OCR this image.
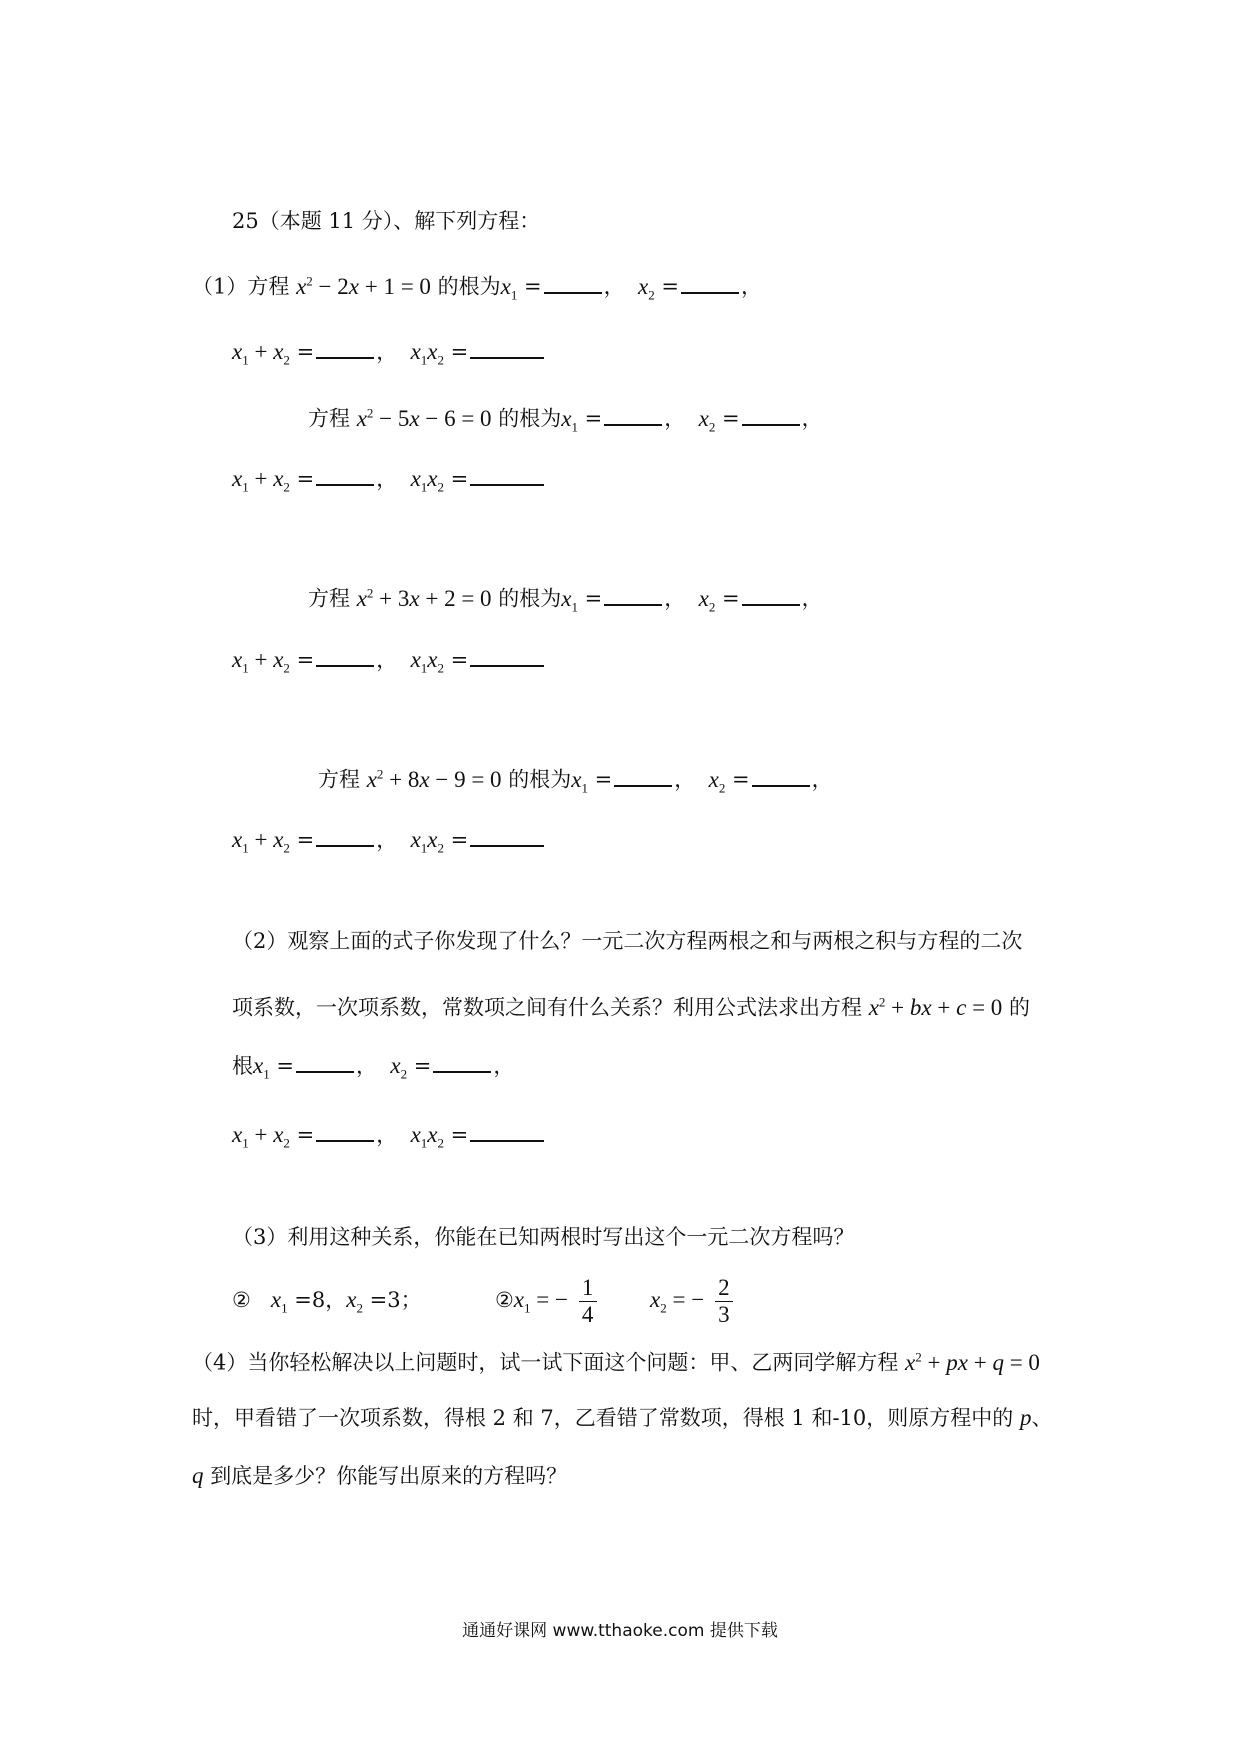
25（本题 11 分）、解下列方程：
（1）方程 $x^2 - 2x + 1 = 0$ 的根为$x_1$ =	，  $x_2$ =	，
$x_1 + x_2$ =	，  $x_1x_2$ =
方程 $x^2 - 5x - 6 = 0$ 的根为$x_1$ =	，  $x_2$ =	，
$x_1 + x_2$ =	，  $x_1x_2$ =
方程 $x^2 + 3x + 2 = 0$ 的根为$x_1$ =	，  $x_2$ =	，
$x_1 + x_2$ =	，  $x_1x_2$ =
方程 $x^2 + 8x - 9 = 0$ 的根为$x_1$ =	，  $x_2$ =	，
$x_1 + x_2$ =	，  $x_1x_2$ =
（2）观察上面的式子你发现了什么？一元二次方程两根之和与两根之积与方程的二次
项系数，一次项系数，常数项之间有什么关系？利用公式法求出方程 $x^2$ + bx + c = 0 的
根$x_1$ =	，  $x_2$ =	，
$x_1 + x_2$ =	，  $x_1x_2$ =
（3）利用这种关系，你能在已知两根时写出这个一元二次方程吗？
② $x_1 =8$，$x_2 =3$；	$②x_1$ = − $\frac{1}{4} x_2$ = − $\frac{2}{3}$
（4）当你轻松解决以上问题时，试一试下面这个问题：甲、乙两同学解方程 $x^2$ + px + q = 0
时，甲看错了一次项系数，得根 2 和 7，乙看错了常数项，得根 1 和-10，则原方程中的 p、
q 到底是多少？你能写出原来的方程吗？
通通好课网 www.tthaoke.com 提供下载
